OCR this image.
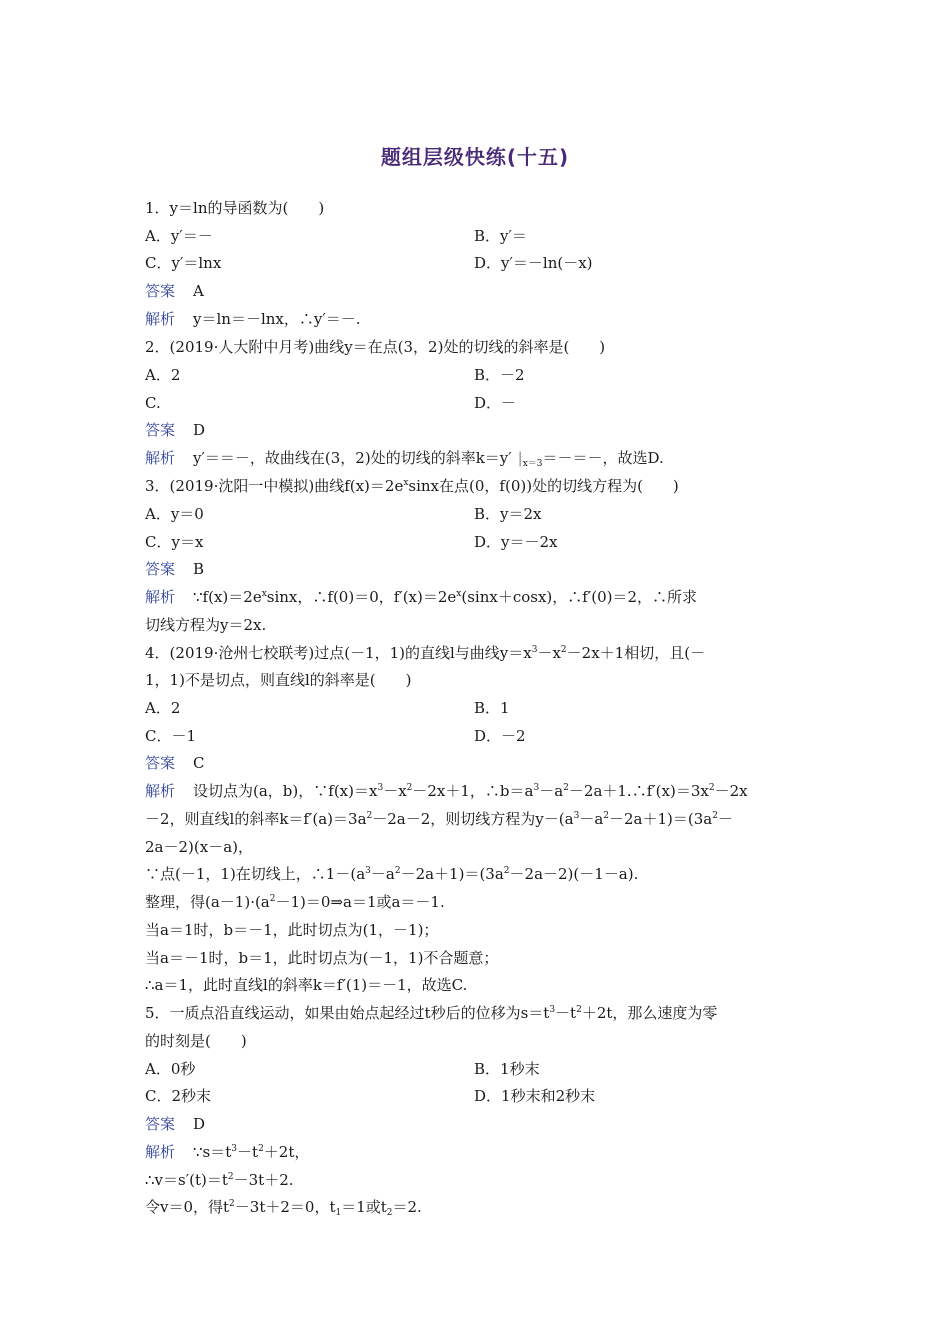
题组层级快练(十五)
1．y＝ln的导函数为(　　)
A．y′＝－	B．y′＝
C．y′＝lnx	D．y′＝－ln(－x)
答案 A
解析 y＝ln＝－lnx，∴y′＝－.
2．(2019·人大附中月考)曲线y＝在点(3，2)处的切线的斜率是(　　)
A．2	B．－2
C.	D．－
答案 D
解析 y′＝＝－，故曲线在(3，2)处的切线的斜率k＝y′ $|_{x=3}=-=-$，故选D.
3．(2019·沈阳一中模拟)曲线$f(x)=2e^x\sin x$在点(0，f(0))处的切线方程为(　　)
A．y＝0	B．y＝2x
C．y＝x	D．y＝－2x
答案 B
解析 $\because f(x)=2e^x\sin x$，∴f(0)＝0，$f'(x)=2e^x(\sin x+\cos x)$，∴f′(0)＝2，∴所求
切线方程为y＝2x.
4．(2019·沧州七校联考)过点(－1，1)的直线l与曲线$y=x^3-x^2-2x+1$相切，且(－
1，1)不是切点，则直线l的斜率是(　　)
A．2	B．1
C．－1	D．－2
答案 C
解析 设切点为(a，b)，$\because f(x)=x^3-x^2-2x+1$，$\therefore b=a^3-a^2-2a+1.\therefore f'(x)=3x^2-2x$
－2，则直线l的斜率$k=f'(a)=3a^2-2a-2$，则切线方程为$y-(a^3-a^2-2a+1)=(3a^2-$
2a－2)(x－a)，
∵点(－1，1)在切线上，$\therefore 1-(a^3-a^2-2a+1)=(3a^2-2a-2)(-1-a)$.
整理，得$(a-1)\cdot(a^2-1)=0\Rightarrow a=1$或a＝－1.
当a＝1时，b＝－1，此时切点为(1，－1)；
当a＝－1时，b＝1，此时切点为(－1，1)不合题意；
∴a＝1，此时直线l的斜率k＝f′(1)＝－1，故选C.
5．一质点沿直线运动，如果由始点起经过t秒后的位移为$s=t^3-t^2+2t$，那么速度为零
的时刻是(　　)
A．0秒	B．1秒末
C．2秒末	D．1秒末和2秒末
答案 D
解析 $\because s=t^3-t^2+2t$，
$\therefore v=s'(t)=t^2-3t+2$.
令v＝0，得$t^2-3t+2=0$，$t_1=1$或$t_2=2$.
